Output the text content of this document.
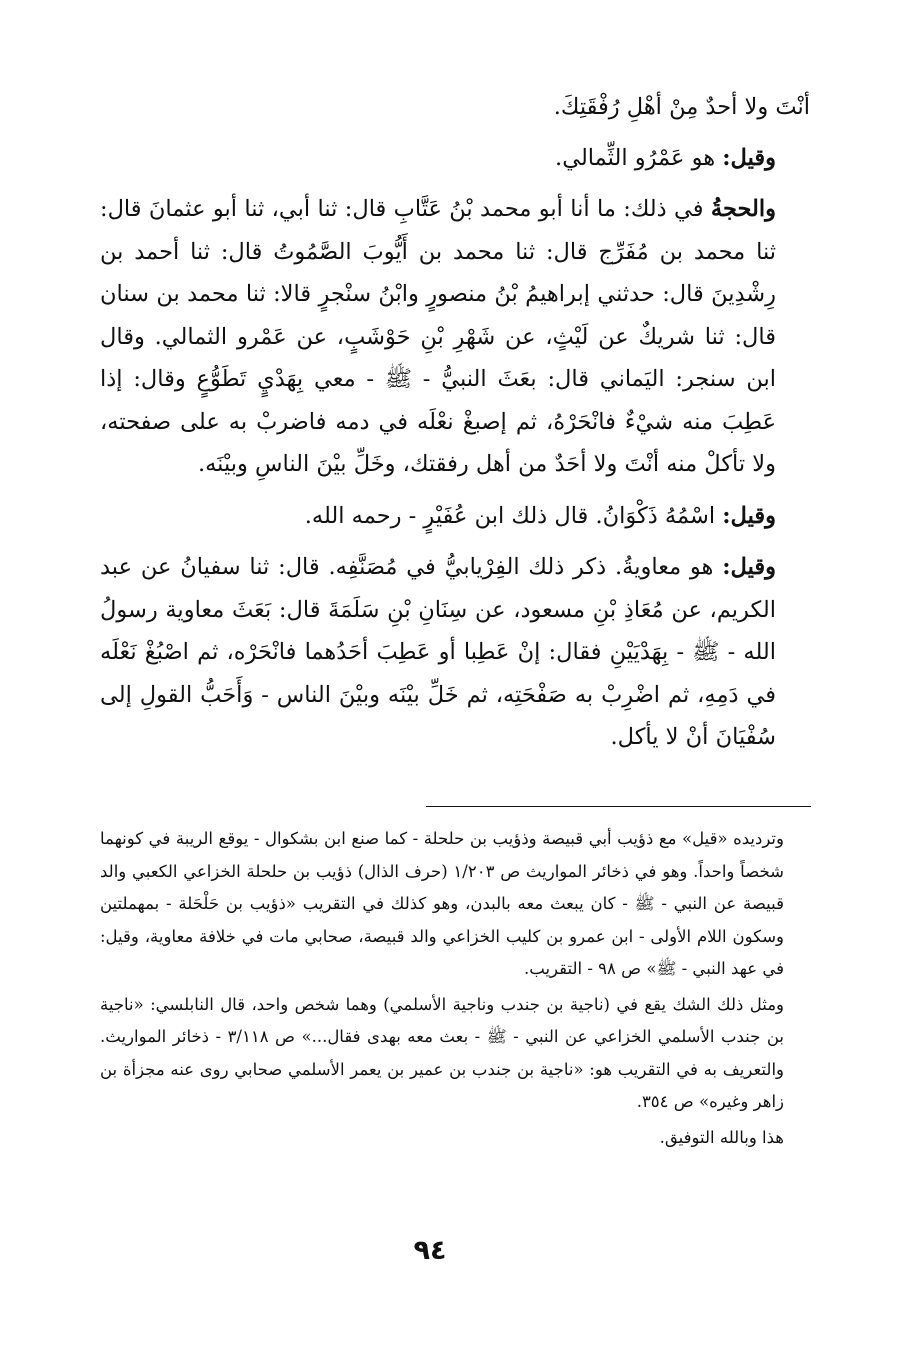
أنْتَ ولا أحدٌ مِنْ أهْلِ رُفْقَتِكَ.

وقيل: هو عَمْرُو الثِّمالي.

والحجةُ في ذلك: ما أنا أبو محمد بْنُ عَتَّابِ قال: ثنا أبي، ثنا أبو عثمانَ قال: ثنا محمد بن مُفَرِّج قال: ثنا محمد بن أَيُّوبَ الصَّمُوتُ قال: ثنا أحمد بن رِشْدِينَ قال: حدثني إبراهيمُ بْنُ منصورٍ وابْنُ سنْجرٍ قالا: ثنا محمد بن سنان قال: ثنا شريكٌ عن لَيْثٍ، عن شَهْرِ بْنِ حَوْشَبٍ، عن عَمْرو الثمالي. وقال ابن سنجر: اليَماني قال: بعَثَ النبيُّ - ﷺ - معي بِهَدْيٍ تَطَوُّعٍ وقال: إذا عَطِبَ منه شيْءٌ فانْحَرْهُ، ثم إصبغْ نعْلَه في دمه فاضربْ به على صفحته، ولا تأكلْ منه أنْتَ ولا أحَدٌ من أهل رفقتك، وخَلِّ بيْنَ الناسِ وبيْنَه.

وقيل: اسْمُهُ ذَكْوَانُ. قال ذلك ابن عُفَيْرٍ - رحمه الله.

وقيل: هو معاويةُ. ذكر ذلك الفِرْيابيُّ في مُصَنَّفِه. قال: ثنا سفيانُ عن عبد الكريم، عن مُعَاذِ بْنِ مسعود، عن سِنَانِ بْنِ سَلَمَةَ قال: بَعَثَ معاوية رسولُ الله - ﷺ - بِهَدْيَيْنِ فقال: إنْ عَطِبا أو عَطِبَ أحَدُهما فانْحَرْه، ثم اصْبُغْ نَعْلَه في دَمِهِ، ثم اضْرِبْ به صَفْحَتِه، ثم خَلِّ بيْنَه وبيْنَ الناس - وَأَحَبُّ القولِ إلى سُفْيَانَ أنْ لا يأكل.

وترديده «قيل» مع ذؤيب أبي قبيصة وذؤيب بن حلحلة - كما صنع ابن بشكوال - يوقع الريبة في كونهما شخصاً واحداً. وهو في ذخائر المواريث ص ١/٢٠٣ (حرف الذال) ذؤيب بن حلحلة الخزاعي الكعبي والد قبيصة عن النبي - ﷺ - كان يبعث معه بالبدن، وهو كذلك في التقريب «ذؤيب بن حَلْحَلة - بمهملتين وسكون اللام الأولى - ابن عمرو بن كليب الخزاعي والد قبيصة، صحابي مات في خلافة معاوية، وقيل: في عهد النبي - ﷺ» ص ٩٨ - التقريب.

ومثل ذلك الشك يقع في (ناجية بن جندب وناجية الأسلمي) وهما شخص واحد، قال النابلسي: «ناجية بن جندب الأسلمي الخزاعي عن النبي - ﷺ - بعث معه بهدى فقال...» ص ٣/١١٨ - ذخائر المواريث. والتعريف به في التقريب هو: «ناجية بن جندب بن عمير بن يعمر الأسلمي صحابي روى عنه مجزأة بن زاهر وغيره» ص ٣٥٤.

هذا وبالله التوفيق.

٩٤
